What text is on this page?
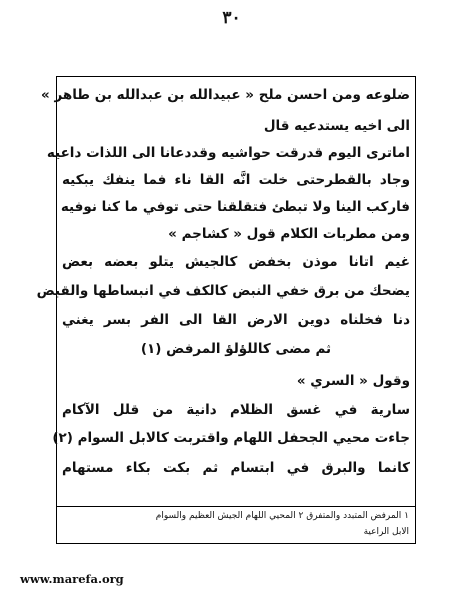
٣٠
ضلوعه ومن احسن ملح « عبيدالله بن عبدالله بن طاهر »
الى اخيه يستدعيه قال
اماترى اليوم قدرقت حواشيه وقددعانا الى اللذات داعيه
وجاد بالقطرحتى خلت انَّه القا ناء فما ينفك يبكيه
فاركب الينا ولا تبطئ فتقلقنا حتى توفي ما كنا نوفيه
ومن مطربات الكلام قول « كشاجم »
غيم اتانا موذن بخفض كالجيش يتلو بعضه بعض
يضحك من برق خفي النبض كالكف في انبساطها والقبض
دنا فخلناه دوين الارض القا الى الفر بسر يغني
ثم مضى كاللؤلؤ المرفض (١)
وقول « السري »
سارية في غسق الظلام دانية من قلل الآكام
جاءت محيي الجحفل اللهام واقتربت كالابل السوام (٢)
كانما والبرق في ابتسام ثم بكت بكاء مستهام
١ المرفض المتبدد والمتفرق ٢ المحيي اللهام الجيش العظيم والسوام
الابل الراعية
www.marefa.org
